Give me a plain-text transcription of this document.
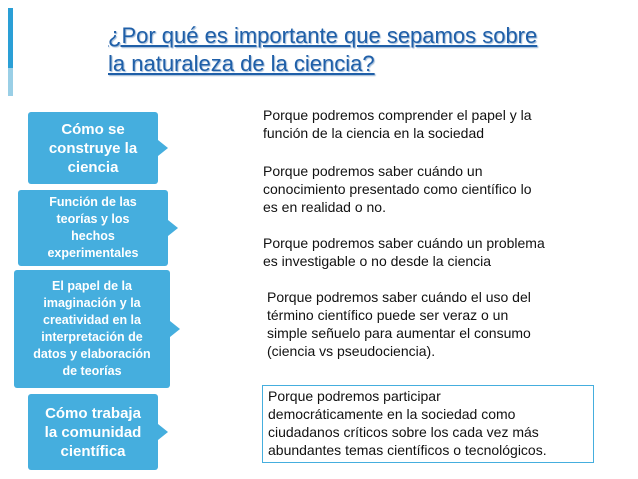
¿Por qué es importante que sepamos sobre
la naturaleza de la ciencia?
Cómo se
construye la
ciencia
Función de las
teorías y los
hechos
experimentales
El papel de la
imaginación y la
creatividad en la
interpretación de
datos y elaboración
de teorías
Cómo trabaja
la comunidad
científica
Porque podremos comprender el papel y la
función de la ciencia en la sociedad
Porque podremos saber cuándo un
conocimiento presentado como científico lo
es en realidad o no.
Porque podremos saber cuándo un problema
es investigable o no desde la ciencia
Porque podremos saber cuándo el uso del
término científico puede ser veraz o un
simple señuelo para aumentar el consumo
(ciencia vs pseudociencia).
Porque podremos participar
democráticamente en la sociedad como
ciudadanos críticos sobre los cada vez más
abundantes temas científicos o tecnológicos.
